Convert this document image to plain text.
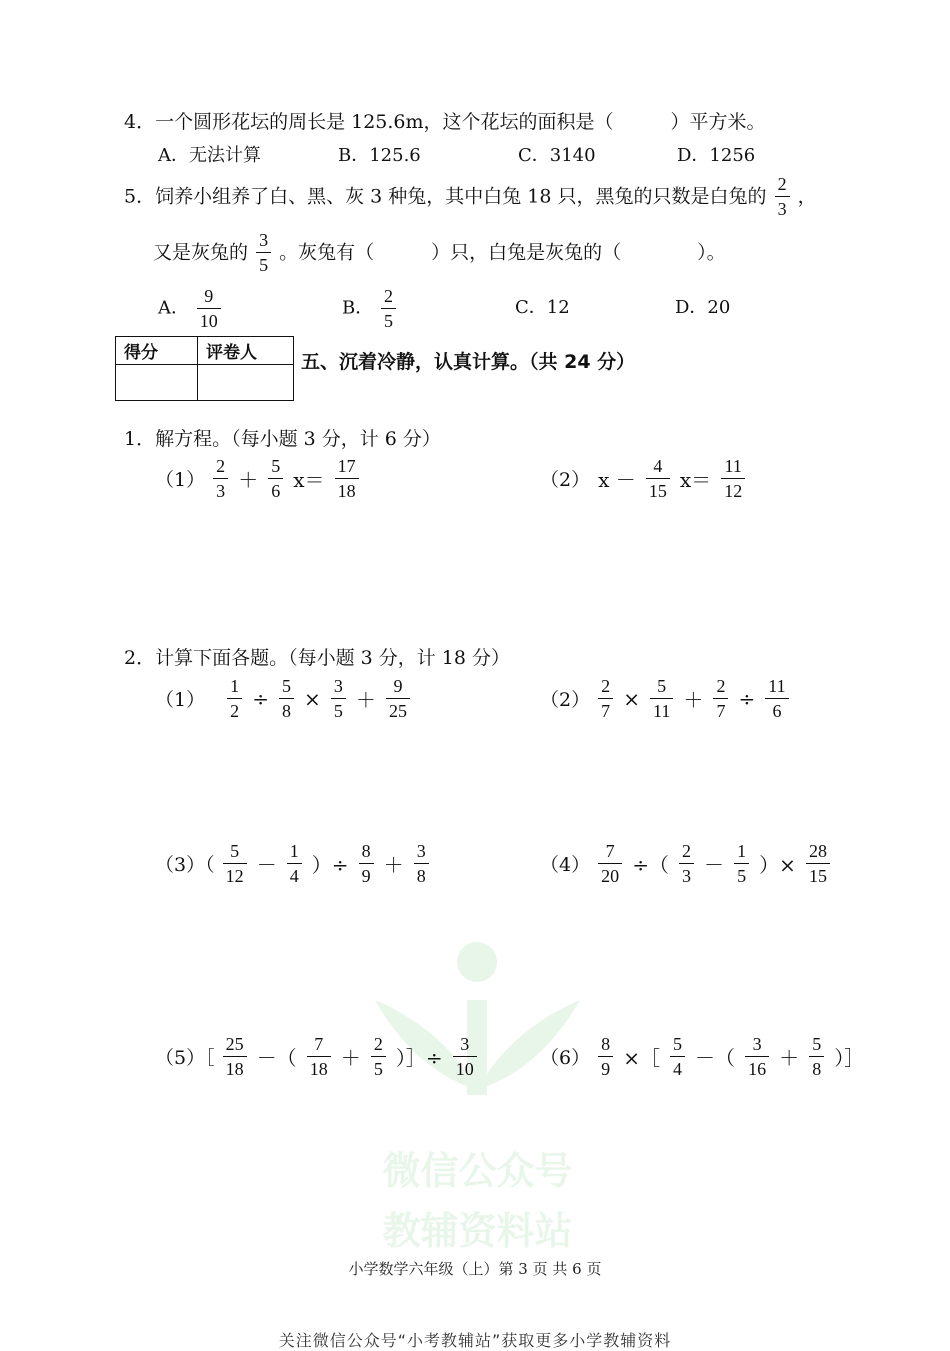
微信公众号
教辅资料站
4．一个圆形花坛的周长是 125.6m，这个花坛的面积是（　　　）平方米。
A．无法计算	B．125.6	C．3140	D．1256
5．饲养小组养了白、黑、灰 3 种兔，其中白兔 18 只，黑兔的只数是白兔的 $\frac{2}{3}$ ，
又是灰兔的 $\frac{3}{5}$ 。灰兔有（　　　）只，白兔是灰兔的（　　　　）。
A． $\frac{9}{10}$	B． $\frac{2}{5}$	C．12	D．20
得分	评卷人
	五、沉着冷静，认真计算。（共 24 分）
1．解方程。（每小题 3 分，计 6 分）
$(1) \frac{2}{3} + \frac{5}{6} x= \frac{17}{18}$	（2） $x - \frac{4}{15} x= \frac{11}{12}$
2．计算下面各题。（每小题 3 分，计 18 分）
$(1) \frac{1}{2} \div \frac{5}{8} \times \frac{3}{5} + \frac{9}{25}$	$(2) \frac{2}{7} \times \frac{5}{11} + \frac{2}{7} \div \frac{11}{6}$
$(3)( \frac{5}{12} - \frac{1}{4}$ ）÷ $\frac{8}{9} + \frac{3}{8}$	$(4) \frac{7}{20}$ ÷（ $\frac{2}{3} - \frac{1}{5}$ ）× $\frac{28}{15}$
（5）［ $\frac{25}{18}$ －（ $\frac{7}{18} + \frac{2}{5}$ ）］÷ $\frac{3}{10}$	$(6) \frac{8}{9}$ ×［ $\frac{5}{4}$ －（ $\frac{3}{16} + \frac{5}{8}$ ）］
小学数学六年级（上）第 3 页 共 6 页
关注微信公众号“小考教辅站”获取更多小学教辅资料
